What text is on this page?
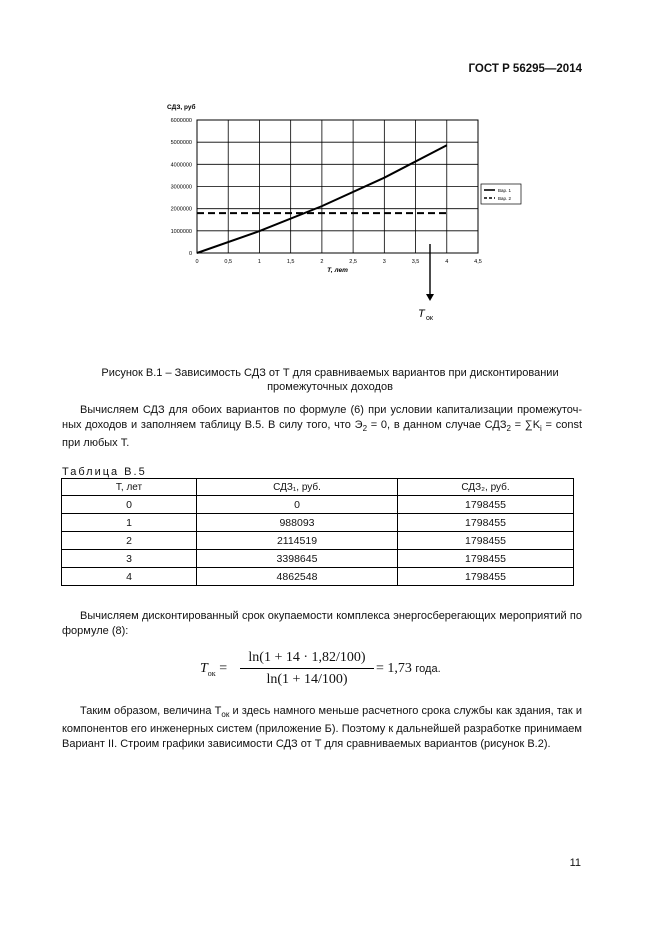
ГОСТ Р 56295—2014
0	0,5	1	1,5	2	2,5	3	3,5	4	4,5
0
1000000
2000000
3000000
4000000
5000000
6000000
СДЗ, руб
Т, лет
Вар. 1
Вар. 2
Т ок
Рисунок В.1 – Зависимость СДЗ от Т для сравниваемых вариантов при дисконтировании
промежуточных доходов
Вычисляем СДЗ для обоих вариантов по формуле (6) при условии капитализации промежуточ-ных доходов и заполняем таблицу В.5. В силу того, что $Э_2 = 0$, в данном случае $СДЗ_2 = \sum K_i$ = const при любых Т.
Таблица В.5
Т, лет	СДЗ₁, руб.	СДЗ₂, руб.
0	0	1798455
1	988093	1798455
2	2114519	1798455
3	3398645	1798455
4	4862548	1798455
Вычисляем дисконтированный срок окупаемости комплекса энергосберегающих мероприятий по формуле (8):
$T_{ок} = \frac{\ln(1 + 14 \cdot 1,82/100)}{\ln(1 + 14/100)} = 1,73$ года.
Таким образом, величина $Т_{ок}$ и здесь намного меньше расчетного срока службы как здания, так и компонентов его инженерных систем (приложение Б). Поэтому к дальнейшей разработке принимаем Вариант II. Строим графики зависимости СДЗ от Т для сравниваемых вариантов (рисунок В.2).
11
